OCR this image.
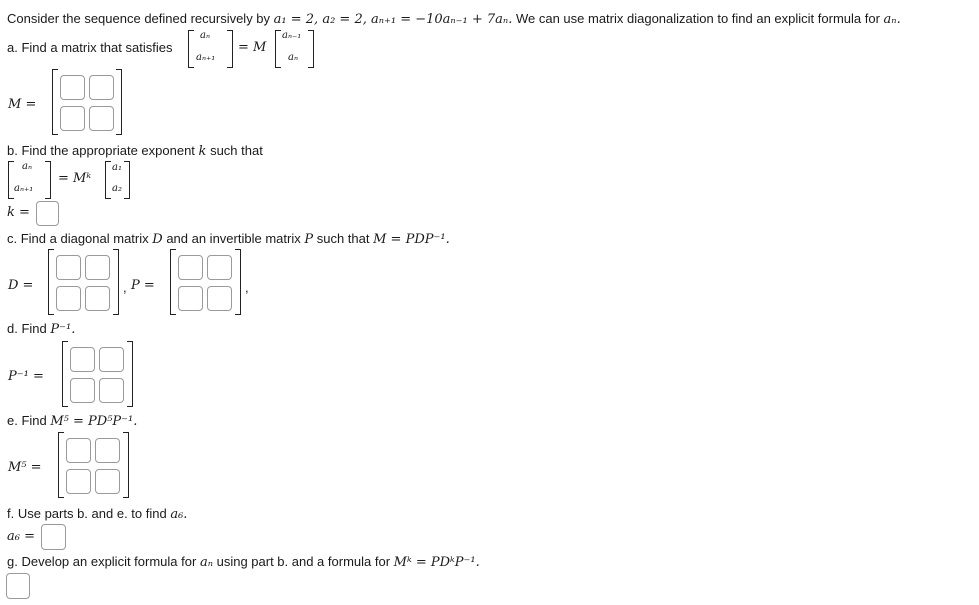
Consider the sequence defined recursively by a₁ = 2, a₂ = 2, aₙ₊₁ = −10aₙ₋₁ + 7aₙ. We can use matrix diagonalization to find an explicit formula for aₙ.
a. Find a matrix that satisfies
aₙ
aₙ₊₁
= M
aₙ₋₁
aₙ
M =
b. Find the appropriate exponent k such that
aₙ
aₙ₊₁
= Mᵏ
a₁
a₂
k =
c. Find a diagonal matrix D and an invertible matrix P such that M = PDP⁻¹.
D =	, P =	,
d. Find P⁻¹.
P⁻¹ =
e. Find M⁵ = PD⁵P⁻¹.
M⁵ =
f. Use parts b. and e. to find a₆.
a₆ =
g. Develop an explicit formula for aₙ using part b. and a formula for Mᵏ = PDᵏP⁻¹.
